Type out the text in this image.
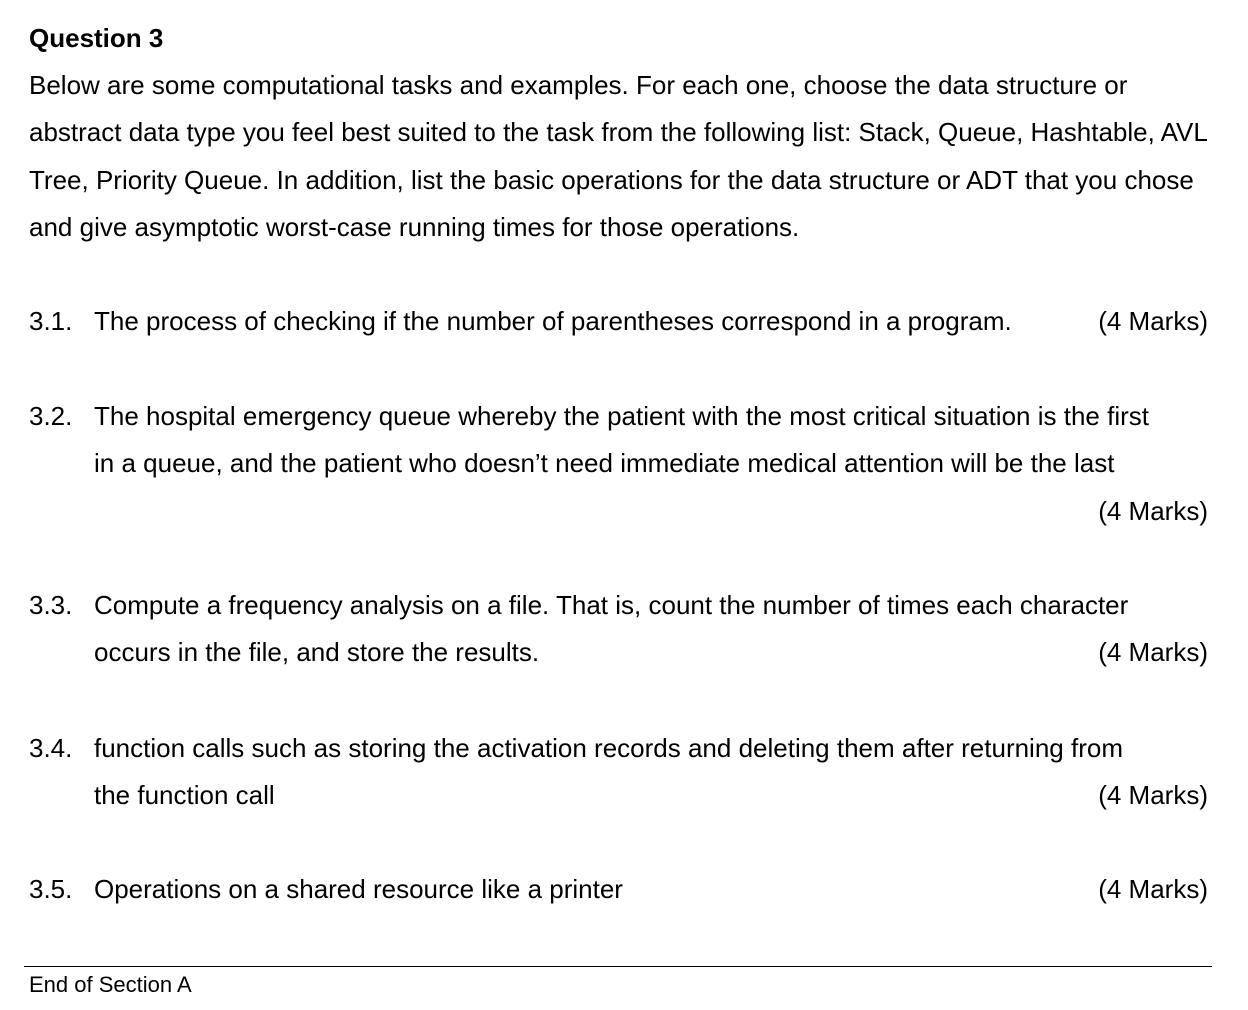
Question 3

Below are some computational tasks and examples. For each one, choose the data structure or abstract data type you feel best suited to the task from the following list: Stack, Queue, Hashtable, AVL Tree, Priority Queue. In addition, list the basic operations for the data structure or ADT that you chose and give asymptotic worst-case running times for those operations.

3.1. The process of checking if the number of parentheses correspond in a program.	(4 Marks)
3.2. The hospital emergency queue whereby the patient with the most critical situation is the first
in a queue, and the patient who doesn’t need immediate medical attention will be the last
(4 Marks)
3.3. Compute a frequency analysis on a file. That is, count the number of times each character
occurs in the file, and store the results.	(4 Marks)
3.4. function calls such as storing the activation records and deleting them after returning from
the function call	(4 Marks)
3.5. Operations on a shared resource like a printer	(4 Marks)
End of Section A
